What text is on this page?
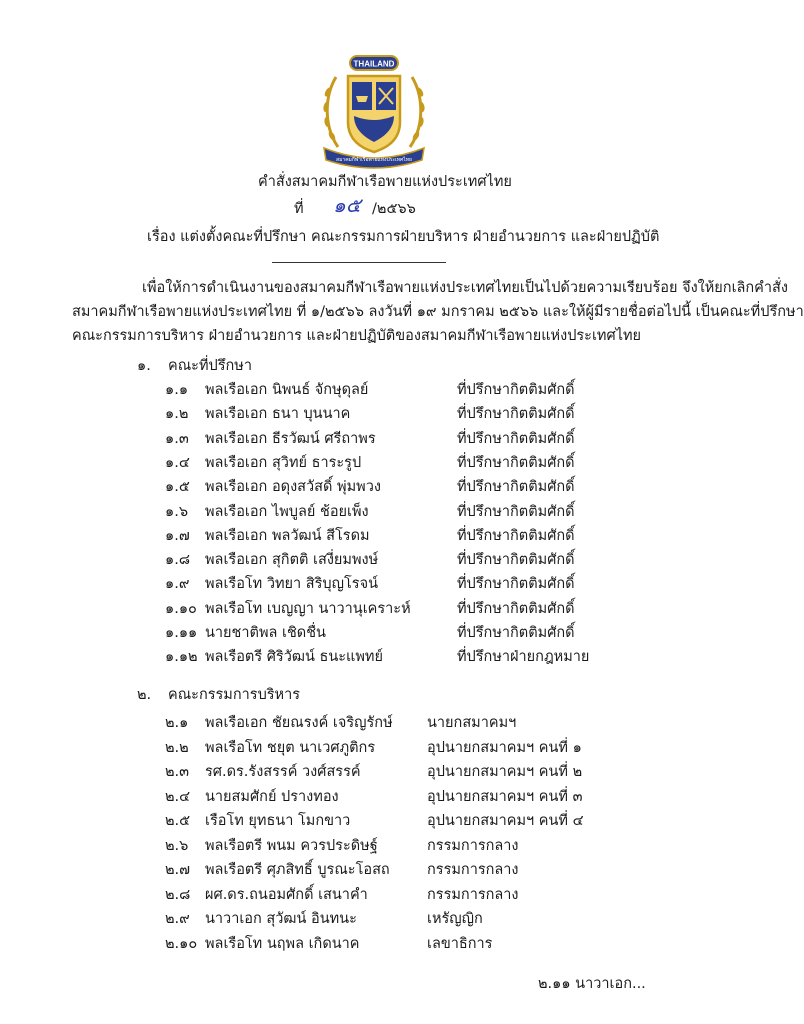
THAILAND
สมาคมกีฬาเรือพายแห่งประเทศไทย
คำสั่งสมาคมกีฬาเรือพายแห่งประเทศไทย
ที่ ๑๕ /๒๕๖๖
เรื่อง แต่งตั้งคณะที่ปรึกษา คณะกรรมการฝ่ายบริหาร ฝ่ายอำนวยการ และฝ่ายปฏิบัติ
เพื่อให้การดำเนินงานของสมาคมกีฬาเรือพายแห่งประเทศไทยเป็นไปด้วยความเรียบร้อย จึงให้ยกเลิกคำสั่ง
สมาคมกีฬาเรือพายแห่งประเทศไทย ที่ ๑/๒๕๖๖ ลงวันที่ ๑๙ มกราคม ๒๕๖๖ และให้ผู้มีรายชื่อต่อไปนี้ เป็นคณะที่ปรึกษา
คณะกรรมการบริหาร ฝ่ายอำนวยการ และฝ่ายปฏิบัติของสมาคมกีฬาเรือพายแห่งประเทศไทย
๑. คณะที่ปรึกษา
๑.๑ พลเรือเอก นิพนธ์ จักษุดุลย์	ที่ปรึกษากิตติมศักดิ์
๑.๒ พลเรือเอก ธนา บุนนาค	ที่ปรึกษากิตติมศักดิ์
๑.๓ พลเรือเอก ธีรวัฒน์ ศรีถาพร	ที่ปรึกษากิตติมศักดิ์
๑.๔ พลเรือเอก สุวิทย์ ธาระรูป	ที่ปรึกษากิตติมศักดิ์
๑.๕ พลเรือเอก อดุงสวัสดิ์ พุ่มพวง	ที่ปรึกษากิตติมศักดิ์
๑.๖ พลเรือเอก ไพบูลย์ ช้อยเพ็ง	ที่ปรึกษากิตติมศักดิ์
๑.๗ พลเรือเอก พลวัฒน์ สีโรดม	ที่ปรึกษากิตติมศักดิ์
๑.๘ พลเรือเอก สุกิตติ เสงี่ยมพงษ์	ที่ปรึกษากิตติมศักดิ์
๑.๙ พลเรือโท วิทยา สิริบุญโรจน์	ที่ปรึกษากิตติมศักดิ์
๑.๑๐ พลเรือโท เบญญา นาวานุเคราะห์	ที่ปรึกษากิตติมศักดิ์
๑.๑๑ นายชาติพล เชิดชื่น	ที่ปรึกษากิตติมศักดิ์
๑.๑๒ พลเรือตรี ศิริวัฒน์ ธนะแพทย์	ที่ปรึกษาฝ่ายกฎหมาย
๒. คณะกรรมการบริหาร
๒.๑ พลเรือเอก ชัยณรงค์ เจริญรักษ์ นายกสมาคมฯ
๒.๒ พลเรือโท ชยุต นาเวศภูติกร	อุปนายกสมาคมฯ คนที่ ๑
๒.๓ รศ.ดร.รังสรรค์ วงศ์สรรค์	อุปนายกสมาคมฯ คนที่ ๒
๒.๔ นายสมศักย์ ปรางทอง	อุปนายกสมาคมฯ คนที่ ๓
๒.๕ เรือโท ยุทธนา โมกขาว	อุปนายกสมาคมฯ คนที่ ๔
๒.๖ พลเรือตรี พนม ควรประดิษฐ์	กรรมการกลาง
๒.๗ พลเรือตรี ศุภสิทธิ์ บูรณะโอสถ	กรรมการกลาง
๒.๘ ผศ.ดร.ถนอมศักดิ์ เสนาคำ	กรรมการกลาง
๒.๙ นาวาเอก สุวัฒน์ อินทนะ	เหรัญญิก
๒.๑๐ พลเรือโท นฤพล เกิดนาค	เลขาธิการ
๒.๑๑ นาวาเอก...
